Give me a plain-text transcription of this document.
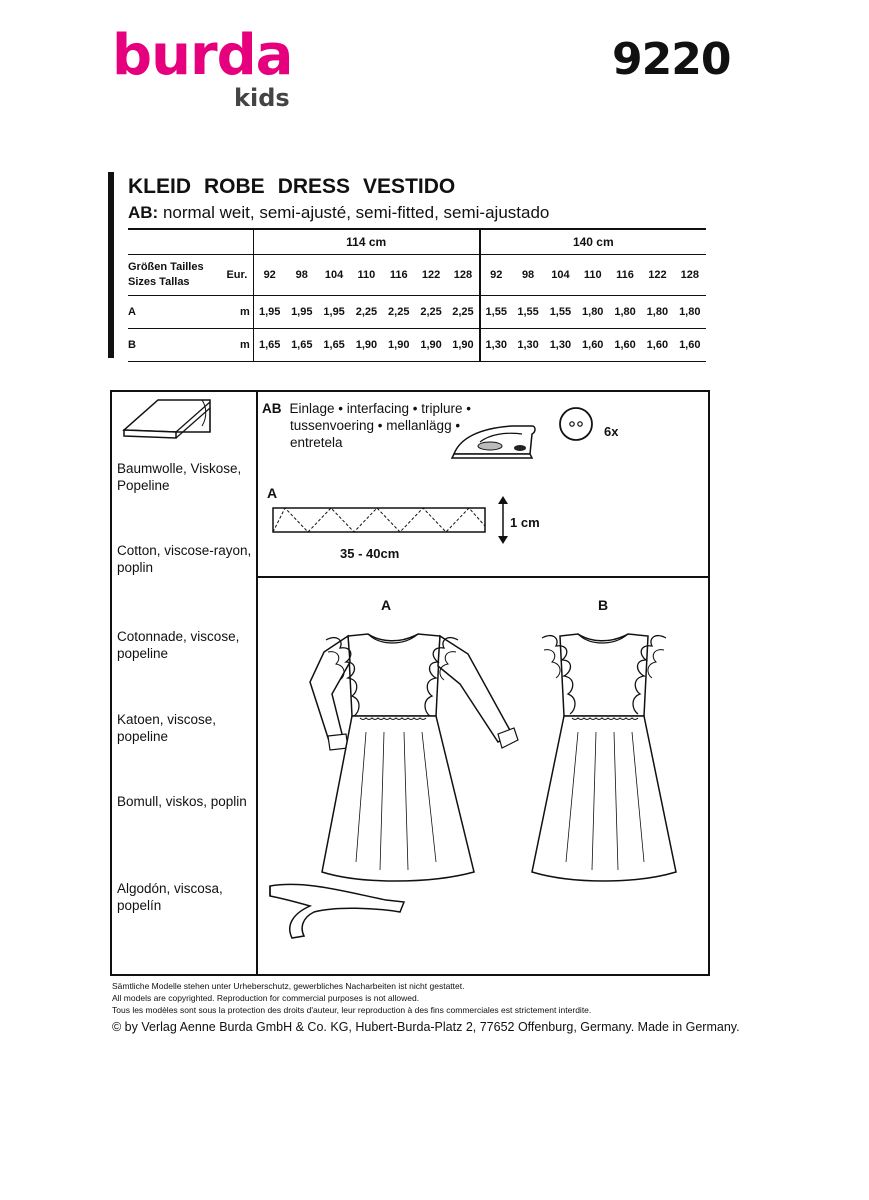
burda
kids
9220
KLEID ROBE DRESS VESTIDO
AB: normal weit, semi-ajusté, semi-fitted, semi-ajustado
		114 cm							140 cm						

Größen Tailles
Sizes Tallas	Eur.	92	98	104	110	116	122	128	92	98	104	110	116	122	128
A	m	1,95	1,95	1,95	2,25	2,25	2,25	2,25	1,55	1,55	1,55	1,80	1,80	1,80	1,80
B	m	1,65	1,65	1,65	1,90	1,90	1,90	1,90	1,30	1,30	1,30	1,60	1,60	1,60	1,60
Baumwolle, Viskose,
Popeline
Cotton, viscose-rayon,
poplin
Cotonnade, viscose,
popeline
Katoen, viscose,
popeline
Bomull, viskos, poplin
Algodón, viscosa,
popelín
AB Einlage • interfacing • triplure •
tussenvoering • mellanlägg •
entretela
6x
A
1 cm
35 - 40cm
A	B
Sämtliche Modelle stehen unter Urheberschutz, gewerbliches Nacharbeiten ist nicht gestattet.
All models are copyrighted. Reproduction for commercial purposes is not allowed.
Tous les modèles sont sous la protection des droits d'auteur, leur reproduction à des fins commerciales est strictement interdite.
© by Verlag Aenne Burda GmbH & Co. KG, Hubert-Burda-Platz 2, 77652 Offenburg, Germany. Made in Germany.
